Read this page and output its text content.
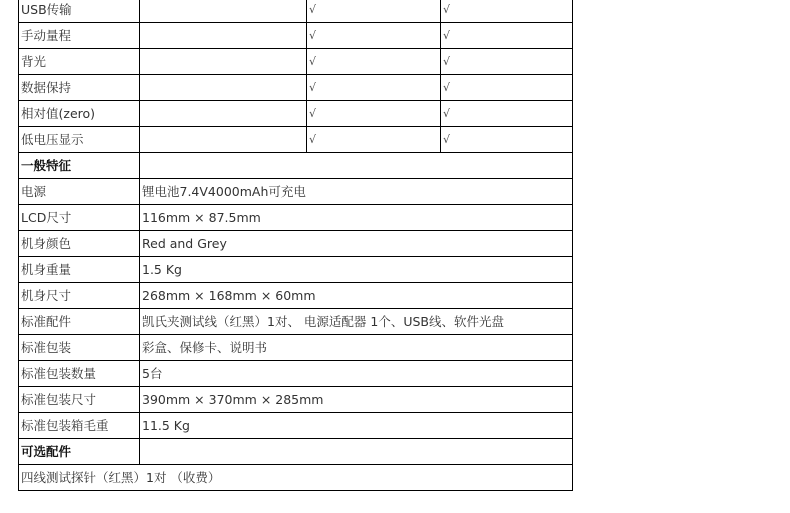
USB传输		√	√
手动量程		√	√
背光		√	√
数据保持		√	√
相对值(zero)		√	√
低电压显示		√	√
一般特征			
电源	锂电池7.4V4000mAh可充电		
LCD尺寸	116mm × 87.5mm		
机身颜色	Red and Grey		
机身重量	1.5 Kg		
机身尺寸	268mm × 168mm × 60mm		
标准配件	凯氏夹测试线（红黑）1对、 电源适配器 1个、USB线、软件光盘		
标准包装	彩盒、保修卡、说明书		
标准包装数量	5台		
标准包装尺寸	390mm × 370mm × 285mm		
标准包装箱毛重	11.5 Kg		
可选配件			
四线测试探针（红黑）1对 （收费）			
